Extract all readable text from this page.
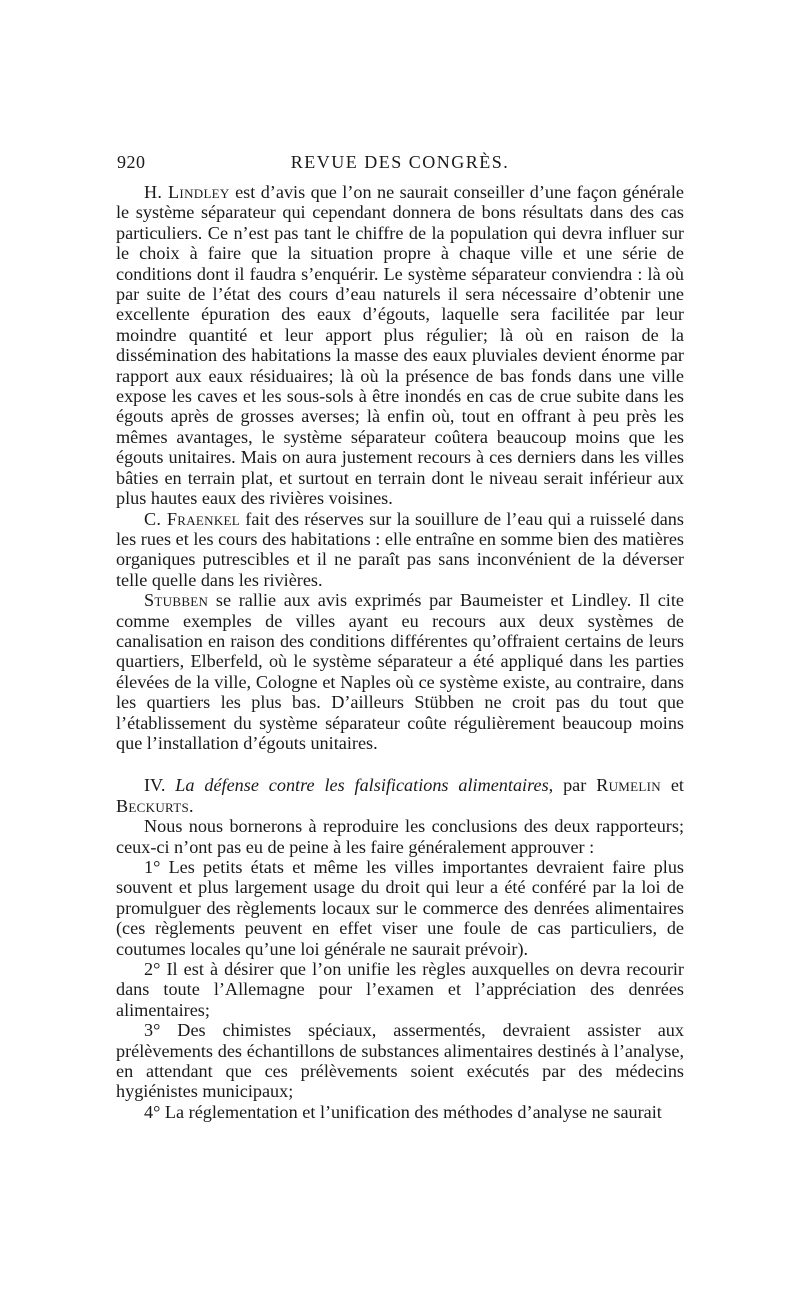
920	REVUE DES CONGRÈS.

H. Lindley est d’avis que l’on ne saurait conseiller d’une façon générale le système séparateur qui cependant donnera de bons résultats dans des cas particuliers. Ce n’est pas tant le chiffre de la population qui devra influer sur le choix à faire que la situation propre à chaque ville et une série de conditions dont il faudra s’enquérir. Le système séparateur conviendra : là où par suite de l’état des cours d’eau naturels il sera nécessaire d’obtenir une excellente épuration des eaux d’égouts, laquelle sera facilitée par leur moindre quantité et leur apport plus régulier; là où en raison de la dissémination des habitations la masse des eaux pluviales devient énorme par rapport aux eaux résiduaires; là où la présence de bas fonds dans une ville expose les caves et les sous-sols à être inondés en cas de crue subite dans les égouts après de grosses averses; là enfin où, tout en offrant à peu près les mêmes avantages, le système séparateur coûtera beaucoup moins que les égouts unitaires. Mais on aura justement recours à ces derniers dans les villes bâties en terrain plat, et surtout en terrain dont le niveau serait inférieur aux plus hautes eaux des rivières voisines.

C. Fraenkel fait des réserves sur la souillure de l’eau qui a ruisselé dans les rues et les cours des habitations : elle entraîne en somme bien des matières organiques putrescibles et il ne paraît pas sans inconvénient de la déverser telle quelle dans les rivières.

Stubben se rallie aux avis exprimés par Baumeister et Lindley. Il cite comme exemples de villes ayant eu recours aux deux systèmes de canalisation en raison des conditions différentes qu’offraient certains de leurs quartiers, Elberfeld, où le système séparateur a été appliqué dans les parties élevées de la ville, Cologne et Naples où ce système existe, au contraire, dans les quartiers les plus bas. D’ailleurs Stübben ne croit pas du tout que l’établissement du système séparateur coûte régulièrement beaucoup moins que l’installation d’égouts unitaires.

IV. La défense contre les falsifications alimentaires, par Rumelin et Beckurts.

Nous nous bornerons à reproduire les conclusions des deux rapporteurs; ceux-ci n’ont pas eu de peine à les faire généralement approuver :

1° Les petits états et même les villes importantes devraient faire plus souvent et plus largement usage du droit qui leur a été conféré par la loi de promulguer des règlements locaux sur le commerce des denrées alimentaires (ces règlements peuvent en effet viser une foule de cas particuliers, de coutumes locales qu’une loi générale ne saurait prévoir).

2° Il est à désirer que l’on unifie les règles auxquelles on devra recourir dans toute l’Allemagne pour l’examen et l’appréciation des denrées alimentaires;

3° Des chimistes spéciaux, assermentés, devraient assister aux prélèvements des échantillons de substances alimentaires destinés à l’analyse, en attendant que ces prélèvements soient exécutés par des médecins hygiénistes municipaux;

4° La réglementation et l’unification des méthodes d’analyse ne saurait
